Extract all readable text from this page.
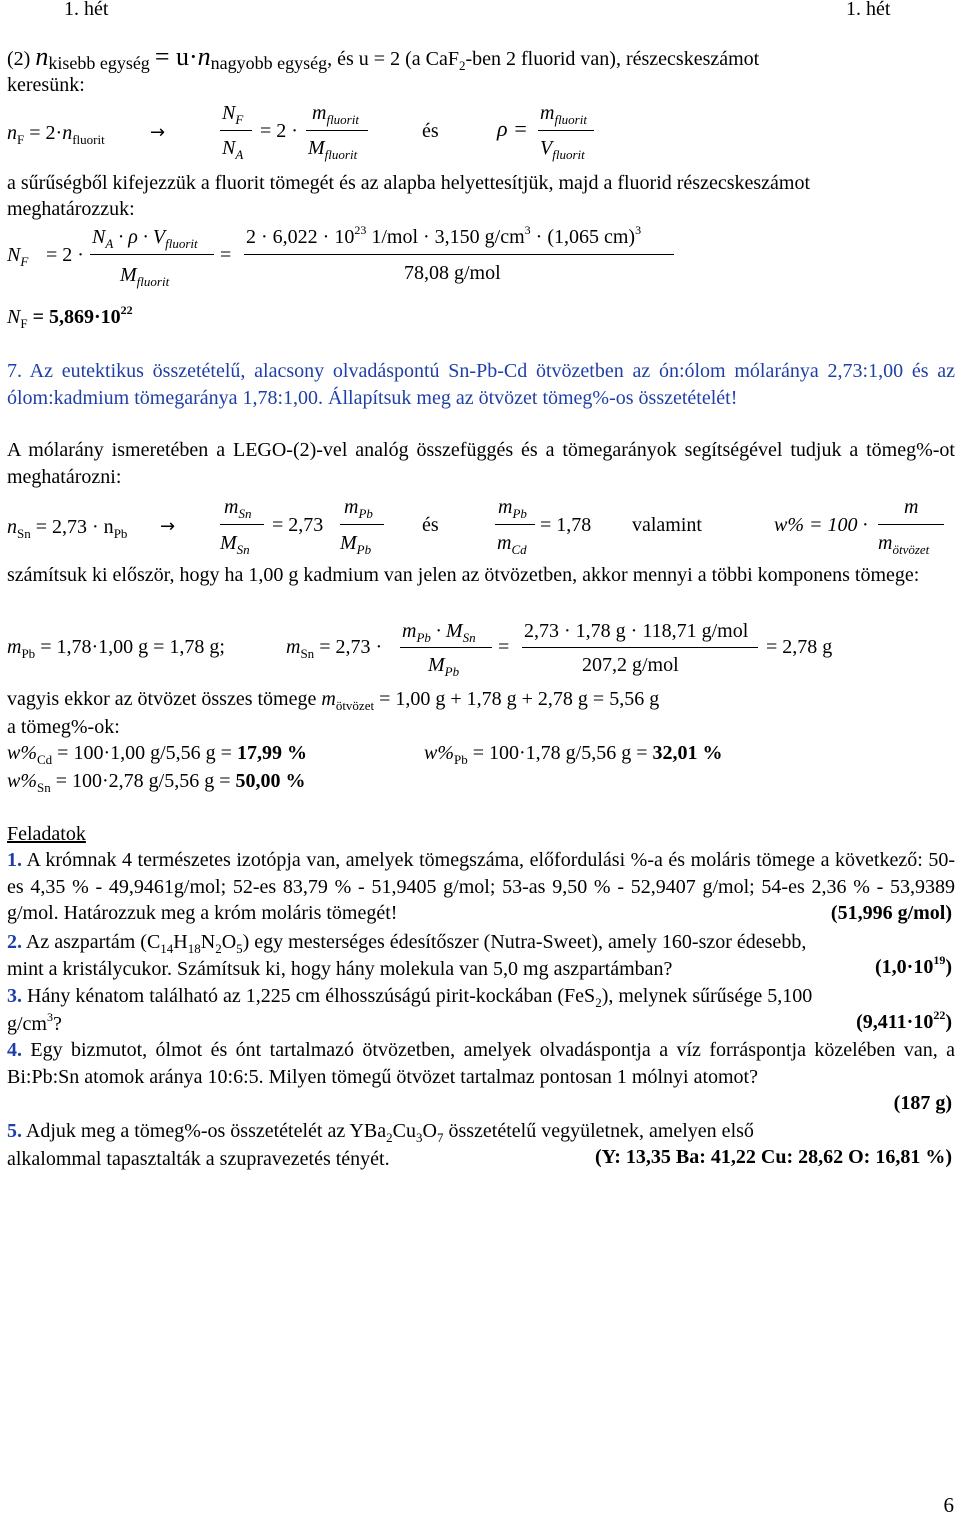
1. hét	1. hét
(2) nkisebb egység = u·nnagyobb egység, és u = 2 (a CaF$_2$-ben 2 fluorid van), részecskeszámot
keresünk:
$n_F = 2\cdot n_{fluorit}$	→
$N_F$
$N_A$
= 2 ·
$m_{fluorit}$
$M_{fluorit}$
és	ρ =
$m_{fluorit}$
$V_{fluorit}$
a sűrűségből kifejezzük a fluorit tömegét és az alapba helyettesítjük, majd a fluorid részecskeszámot
meghatározzuk:
$N_F = 2$ ·
$N_A \cdot \rho \cdot V_{fluorit}$
$M_{fluorit}$
=
$2 \cdot 6,022 \cdot 10^{23}$ 1/mol · 3,150 $g/cm^3 \cdot (1,065$ cm)$^3$
78,08 g/mol
$N_F = 5,869\cdot 10^{22}$
7. Az eutektikus összetételű, alacsony olvadáspontú Sn-Pb-Cd ötvözetben az ón:ólom mólaránya 2,73:1,00 és az ólom:kadmium tömegaránya 1,78:1,00. Állapítsuk meg az ötvözet tömeg%-os összetételét!
A mólarány ismeretében a LEGO-(2)-vel analóg összefüggés és a tömegarányok segítségével tudjuk a tömeg%-ot meghatározni:
$n_{Sn} = 2,73 \cdot n_{Pb}$ →
$m_{Sn}$
$M_{Sn}$
= 2,73
$m_{Pb}$
$M_{Pb}$
és
$m_{Pb}$
$m_{Cd}$
= 1,78 valamint	w% = 100 ·
m
$m_{ötvözet}$
számítsuk ki először, hogy ha 1,00 g kadmium van jelen az ötvözetben, akkor mennyi a többi komponens tömege:
$m_{Pb} = 1,78\cdot 1,00$ g = 1,78 g;	$m_{Sn} = 2,73$ ·
$m_{Pb} \cdot M_{Sn}$
$M_{Pb}$
=
2,73 · 1,78 g · 118,71 g/mol
207,2 g/mol
= 2,78 g
vagyis ekkor az ötvözet összes tömege $m_{ötvözet} = 1,00$ g + 1,78 g + 2,78 g = 5,56 g
a tömeg%-ok:
$w\%_{Cd} = 100\cdot 1,00$ g/5,56 g = 17,99 %	$w\%_{Pb} = 100\cdot 1,78$ g/5,56 g = 32,01 %
$w\%_{Sn} = 100\cdot 2,78$ g/5,56 g = 50,00 %
Feladatok
1. A krómnak 4 természetes izotópja van, amelyek tömegszáma, előfordulási %-a és moláris tömege a következő: 50-es 4,35 % - 49,9461g/mol; 52-es 83,79 % - 51,9405 g/mol; 53-as 9,50 % - 52,9407 g/mol; 54-es 2,36 % - 53,9389 g/mol. Határozzuk meg a króm moláris tömegét!	(51,996 g/mol)
2. Az aszpartám $(C_{14}H_{18}N_2O_5)$ egy mesterséges édesítőszer (Nutra-Sweet), amely 160-szor édesebb,
mint a kristálycukor. Számítsuk ki, hogy hány molekula van 5,0 mg aszpartámban?	$(1,0\cdot 10^{19})$
3. Hány kénatom található az 1,225 cm élhosszúságú pirit-kockában (FeS$_2$), melynek sűrűsége 5,100
$g/cm^3$?	$(9,411\cdot 10^{22})$
4. Egy bizmutot, ólmot és ónt tartalmazó ötvözetben, amelyek olvadáspontja a víz forráspontja közelében van, a Bi:Pb:Sn atomok aránya 10:6:5. Milyen tömegű ötvözet tartalmaz pontosan 1 mólnyi atomot?
(187 g)
5. Adjuk meg a tömeg%-os összetételét az $YBa_2Cu_3O_7$ összetételű vegyületnek, amelyen első
alkalommal tapasztalták a szupravezetés tényét.	(Y: 13,35 Ba: 41,22 Cu: 28,62 O: 16,81 %)
6
